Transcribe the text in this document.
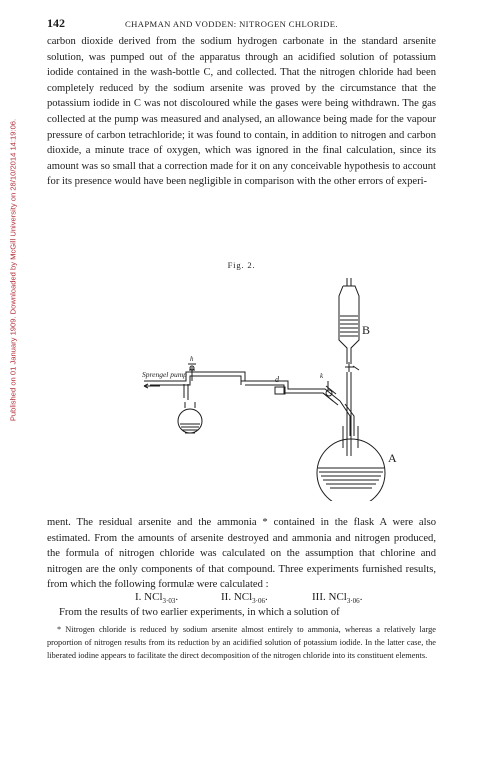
Published on 01 January 1909. Downloaded by McGill University on 28/10/2014 14:19:06.
142	CHAPMAN AND VODDEN: NITROGEN CHLORIDE.

carbon dioxide derived from the sodium hydrogen carbonate in the standard arsenite solution, was pumped out of the apparatus through an acidified solution of potassium iodide contained in the wash-bottle C, and collected. That the nitrogen chloride had been completely reduced by the sodium arsenite was proved by the circumstance that the potassium iodide in C was not discoloured while the gases were being withdrawn. The gas collected at the pump was measured and analysed, an allowance being made for the vapour pressure of carbon tetrachloride; it was found to contain, in addition to nitrogen and carbon dioxide, a minute trace of oxygen, which was ignored in the final calculation, since its amount was so small that a correction made for it on any conceivable hypothesis to account for its presence would have been negligible in comparison with the other errors of experi-

Fig. 2.
Sprengel pump
h
d	k
B
A

ment. The residual arsenite and the ammonia * contained in the flask A were also estimated. From the amounts of arsenite destroyed and ammonia and nitrogen produced, the formula of nitrogen chloride was calculated on the assumption that chlorine and nitrogen are the only components of that compound. Three experiments furnished results, from which the following formulæ were calculated :

I. NCl$_{3\cdot 03}$.	II. NCl$_{3\cdot 06}$.	III. NCl$_{3\cdot 06}$.

From the results of two earlier experiments, in which a solution of

* Nitrogen chloride is reduced by sodium arsenite almost entirely to ammonia, whereas a relatively large proportion of nitrogen results from its reduction by an acidified solution of potassium iodide. In the latter case, the liberated iodine appears to facilitate the direct decomposition of the nitrogen chloride into its constituent elements.
